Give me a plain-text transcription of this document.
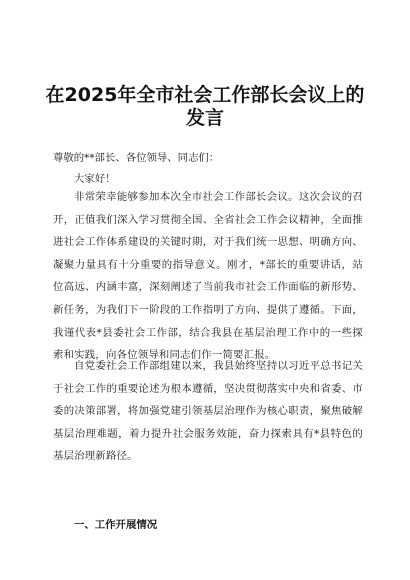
在2025年全市社会工作部长会议上的
发言
尊敬的**部长、各位领导、同志们：
大家好！

非常荣幸能够参加本次全市社会工作部长会议。这次会议的召开，正值我们深入学习贯彻全国、全省社会工作会议精神，全面推进社会工作体系建设的关键时期，对于我们统一思想、明确方向、凝聚力量具有十分重要的指导意义。刚才，*部长的重要讲话，站位高远、内涵丰富，深刻阐述了当前我市社会工作面临的新形势、新任务，为我们下一阶段的工作指明了方向、提供了遵循。下面，我谨代表*县委社会工作部，结合我县在基层治理工作中的一些探索和实践，向各位领导和同志们作一简要汇报。

自党委社会工作部组建以来，我县始终坚持以习近平总书记关于社会工作的重要论述为根本遵循，坚决贯彻落实中央和省委、市委的决策部署，将加强党建引领基层治理作为核心职责，聚焦破解基层治理难题，着力提升社会服务效能，奋力探索具有*县特色的基层治理新路径。

一、工作开展情况
